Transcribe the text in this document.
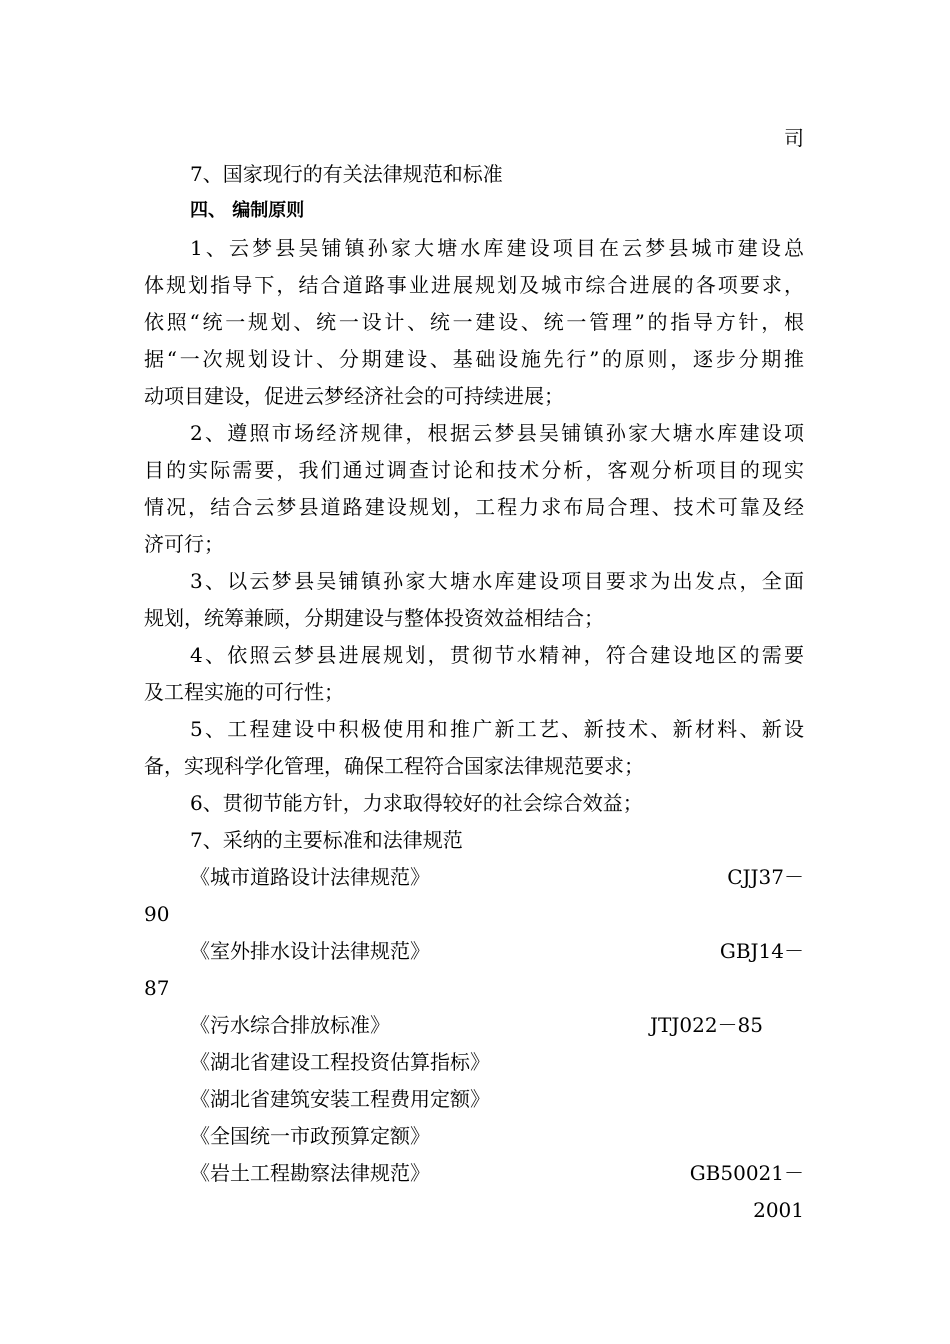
司
7、国家现行的有关法律规范和标准
四、 编制原则
1、云梦县吴铺镇孙家大塘水库建设项目在云梦县城市建设总
体规划指导下，结合道路事业进展规划及城市综合进展的各项要求，
依照“统一规划、统一设计、统一建设、统一管理”的指导方针，根
据“一次规划设计、分期建设、基础设施先行”的原则，逐步分期推
动项目建设，促进云梦经济社会的可持续进展；
2、遵照市场经济规律，根据云梦县吴铺镇孙家大塘水库建设项
目的实际需要，我们通过调查讨论和技术分析，客观分析项目的现实
情况，结合云梦县道路建设规划，工程力求布局合理、技术可靠及经
济可行；
3、以云梦县吴铺镇孙家大塘水库建设项目要求为出发点，全面
规划，统筹兼顾，分期建设与整体投资效益相结合；
4、依照云梦县进展规划，贯彻节水精神，符合建设地区的需要
及工程实施的可行性；
5、工程建设中积极使用和推广新工艺、新技术、新材料、新设
备，实现科学化管理，确保工程符合国家法律规范要求；
6、贯彻节能方针，力求取得较好的社会综合效益；
7、采纳的主要标准和法律规范
《城市道路设计法律规范》	CJJ37－
90
《室外排水设计法律规范》	GBJ14－
87
《污水综合排放标准》	JTJ022－85
《湖北省建设工程投资估算指标》
《湖北省建筑安装工程费用定额》
《全国统一市政预算定额》
《岩土工程勘察法律规范》	GB50021－
2001
